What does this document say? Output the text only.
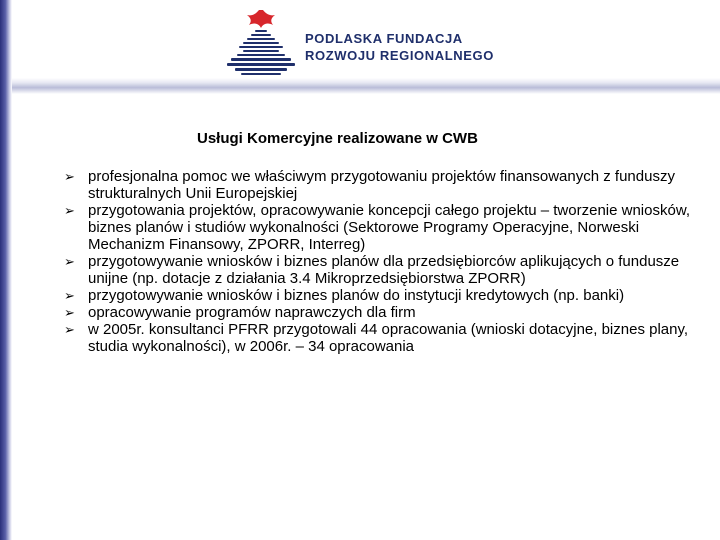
PODLASKA FUNDACJA
ROZWOJU REGIONALNEGO
Usługi Komercyjne realizowane w CWB
➢ profesjonalna pomoc we właściwym przygotowaniu projektów finansowanych z funduszy strukturalnych Unii Europejskiej
➢ przygotowania projektów, opracowywanie koncepcji całego projektu – tworzenie wniosków, biznes planów i studiów wykonalności (Sektorowe Programy Operacyjne, Norweski Mechanizm Finansowy, ZPORR, Interreg)
➢ przygotowywanie wniosków i biznes planów dla przedsiębiorców aplikujących o fundusze unijne (np. dotacje z działania 3.4 Mikroprzedsiębiorstwa ZPORR)
➢ przygotowywanie wniosków i biznes planów do instytucji kredytowych (np. banki)
➢ opracowywanie programów naprawczych dla firm
➢ w 2005r. konsultanci PFRR przygotowali 44 opracowania (wnioski dotacyjne, biznes plany, studia wykonalności), w 2006r. – 34 opracowania
